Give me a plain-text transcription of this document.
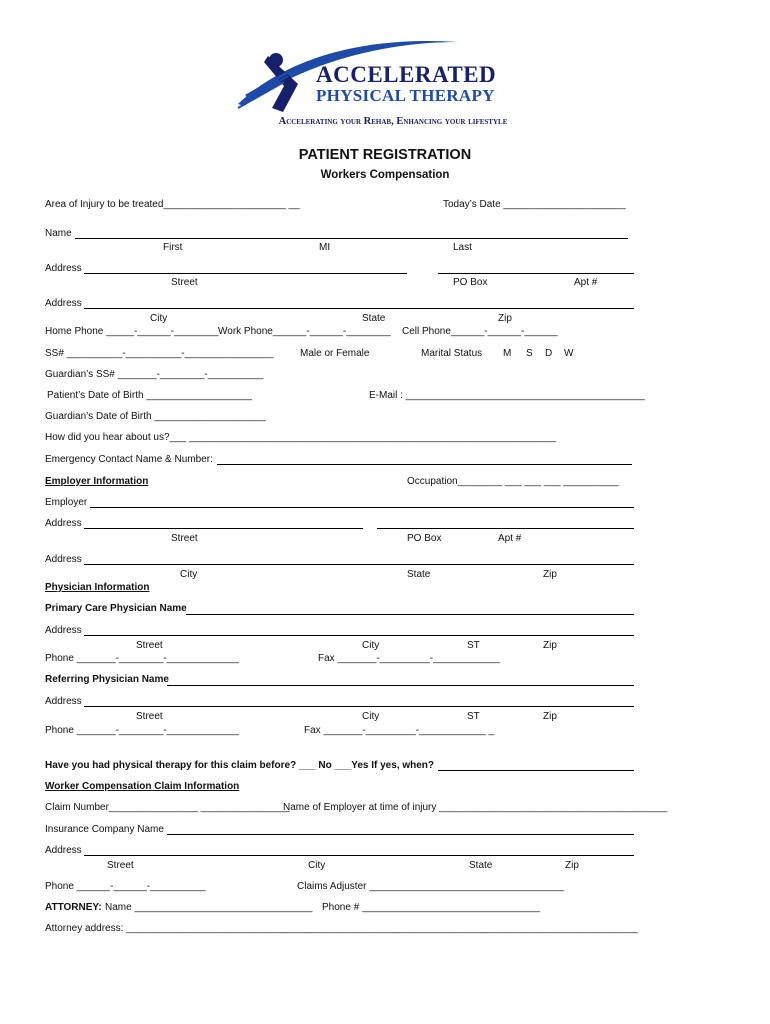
ACCELERATED
PHYSICAL THERAPY
Accelerating your Rehab, Enhancing your lifestyle
PATIENT REGISTRATION
Workers Compensation
Area of Injury to be treated______________________ __	Today’s Date ______________________
Name
First	MI	Last
Address
Street	PO Box	Apt #
Address
City	State	Zip
Home Phone _____-______-________ Work Phone______-______-________ Cell Phone______-______-______
SS# __________-__________-________________	Male or Female	Marital Status M S D W
Guardian’s SS# _______-________-__________
Patient’s Date of Birth ___________________	E-Mail : ___________________________________________
Guardian’s Date of Birth ____________________
How did you hear about us?___ __________________________________________________________________
Emergency Contact Name & Number:
Employer Information	Occupation________ ___ ___ ___ __________
Employer
Address
Street	PO Box	Apt #
Address
City	State	Zip
Physician Information
Primary Care Physician Name
Address
Street	City	ST	Zip
Phone _______-________-_____________	Fax _______-_________-____________
Referring Physician Name
Address
Street	City	ST	Zip
Phone _______-________-_____________	Fax _______-_________-____________ _
Have you had physical therapy for this claim before? ___ No ___Yes If yes, when?
Worker Compensation Claim Information
Claim Number________________ ________________
Name of Employer at time of injury _________________________________________
Insurance Company Name
Address
Street	City	State	Zip
Phone ______-______-__________	Claims Adjuster ___________________________________
ATTORNEY: Name ________________________________ Phone # ________________________________
Attorney address: ____________________________________________________________________________________________
